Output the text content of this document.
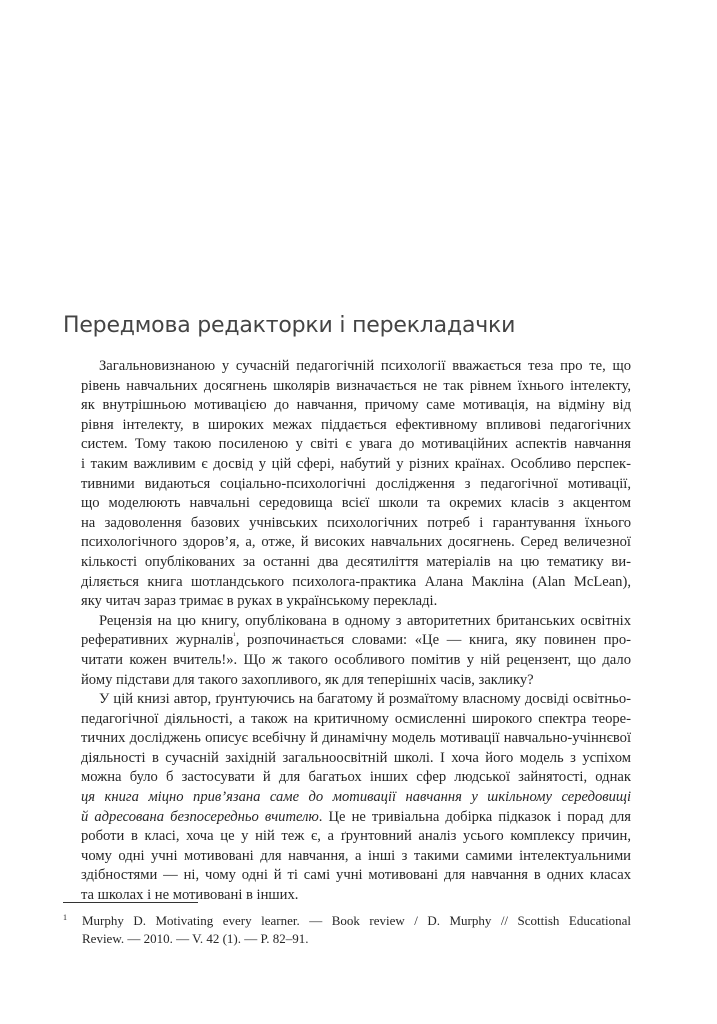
Передмова редакторки і перекладачки

Загальновизнаною у сучасній педагогічній психології вважається теза про те, що
рівень навчальних досягнень школярів визначається не так рівнем їхнього інтелекту,
як внутрішньою мотивацією до навчання, причому саме мотивація, на відміну від
рівня інтелекту, в широких межах піддається ефективному впливові педагогічних
систем. Тому такою посиленою у світі є увага до мотиваційних аспектів навчання
і таким важливим є досвід у цій сфері, набутий у різних країнах. Особливо перспек-
тивними видаються соціально-психологічні дослідження з педагогічної мотивації,
що моделюють навчальні середовища всієї школи та окремих класів з акцентом
на задоволення базових учнівських психологічних потреб і гарантування їхнього
психологічного здоров’я, а, отже, й високих навчальних досягнень. Серед величезної
кількості опублікованих за останні два десятиліття матеріалів на цю тематику ви-
діляється книга шотландського психолога-практика Алана Макліна (Alan McLean),
яку читач зараз тримає в руках в українському перекладі.

Рецензія на цю книгу, опублікована в одному з авторитетних британських освітніх
реферативних журналів$^{^1}$, розпочинається словами: «Це — книга, яку повинен про-
читати кожен вчитель!». Що ж такого особливого помітив у ній рецензент, що дало
йому підстави для такого захопливого, як для теперішніх часів, заклику?

У цій книзі автор, ґрунтуючись на багатому й розмаїтому власному досвіді освітньо-
педагогічної діяльності, а також на критичному осмисленні широкого спектра теоре-
тичних досліджень описує всебічну й динамічну модель мотивації навчально-учіннєвої
діяльності в сучасній західній загальноосвітній школі. І хоча його модель з успіхом
можна було б застосувати й для багатьох інших сфер людської зайнятості, однак
ця книга міцно прив’язана саме до мотивації навчання у шкільному середовищі
й адресована безпосередньо вчителю. Це не тривіальна добірка підказок і порад для
роботи в класі, хоча це у ній теж є, а ґрунтовний аналіз усього комплексу причин,
чому одні учні мотивовані для навчання, а інші з такими самими інтелектуальними
здібностями — ні, чому одні й ті самі учні мотивовані для навчання в одних класах
та школах і не мотивовані в інших.

1 Murphy D. Motivating every learner. — Book review / D. Murphy // Scottish Educational
Review. — 2010. — V. 42 (1). — P. 82–91.
